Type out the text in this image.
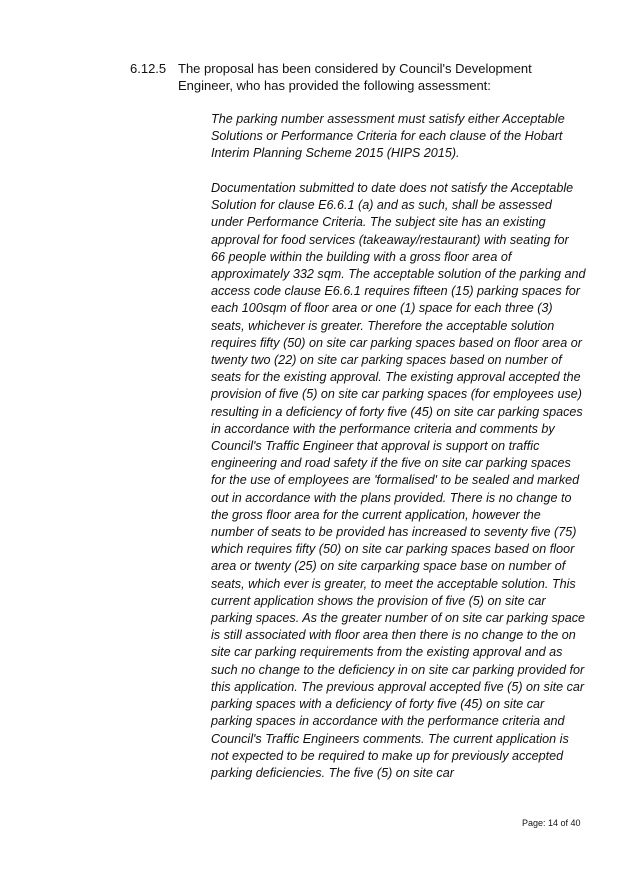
6.12.5 The proposal has been considered by Council's Development Engineer, who has provided the following assessment:

The parking number assessment must satisfy either Acceptable Solutions or Performance Criteria for each clause of the Hobart Interim Planning Scheme 2015 (HIPS 2015).

Documentation submitted to date does not satisfy the Acceptable Solution for clause E6.6.1 (a) and as such, shall be assessed under Performance Criteria. The subject site has an existing approval for food services (takeaway/restaurant) with seating for 66 people within the building with a gross floor area of approximately 332 sqm. The acceptable solution of the parking and access code clause E6.6.1 requires fifteen (15) parking spaces for each 100sqm of floor area or one (1) space for each three (3) seats, whichever is greater. Therefore the acceptable solution requires fifty (50) on site car parking spaces based on floor area or twenty two (22) on site car parking spaces based on number of seats for the existing approval. The existing approval accepted the provision of five (5) on site car parking spaces (for employees use) resulting in a deficiency of forty five (45) on site car parking spaces in accordance with the performance criteria and comments by Council's Traffic Engineer that approval is support on traffic engineering and road safety if the five on site car parking spaces for the use of employees are 'formalised' to be sealed and marked out in accordance with the plans provided. There is no change to the gross floor area for the current application, however the number of seats to be provided has increased to seventy five (75) which requires fifty (50) on site car parking spaces based on floor area or twenty (25) on site carparking space base on number of seats, which ever is greater, to meet the acceptable solution. This current application shows the provision of five (5) on site car parking spaces. As the greater number of on site car parking space is still associated with floor area then there is no change to the on site car parking requirements from the existing approval and as such no change to the deficiency in on site car parking provided for this application. The previous approval accepted five (5) on site car parking spaces with a deficiency of forty five (45) on site car parking spaces in accordance with the performance criteria and Council's Traffic Engineers comments. The current application is not expected to be required to make up for previously accepted parking deficiencies. The five (5) on site car

Page: 14 of 40
